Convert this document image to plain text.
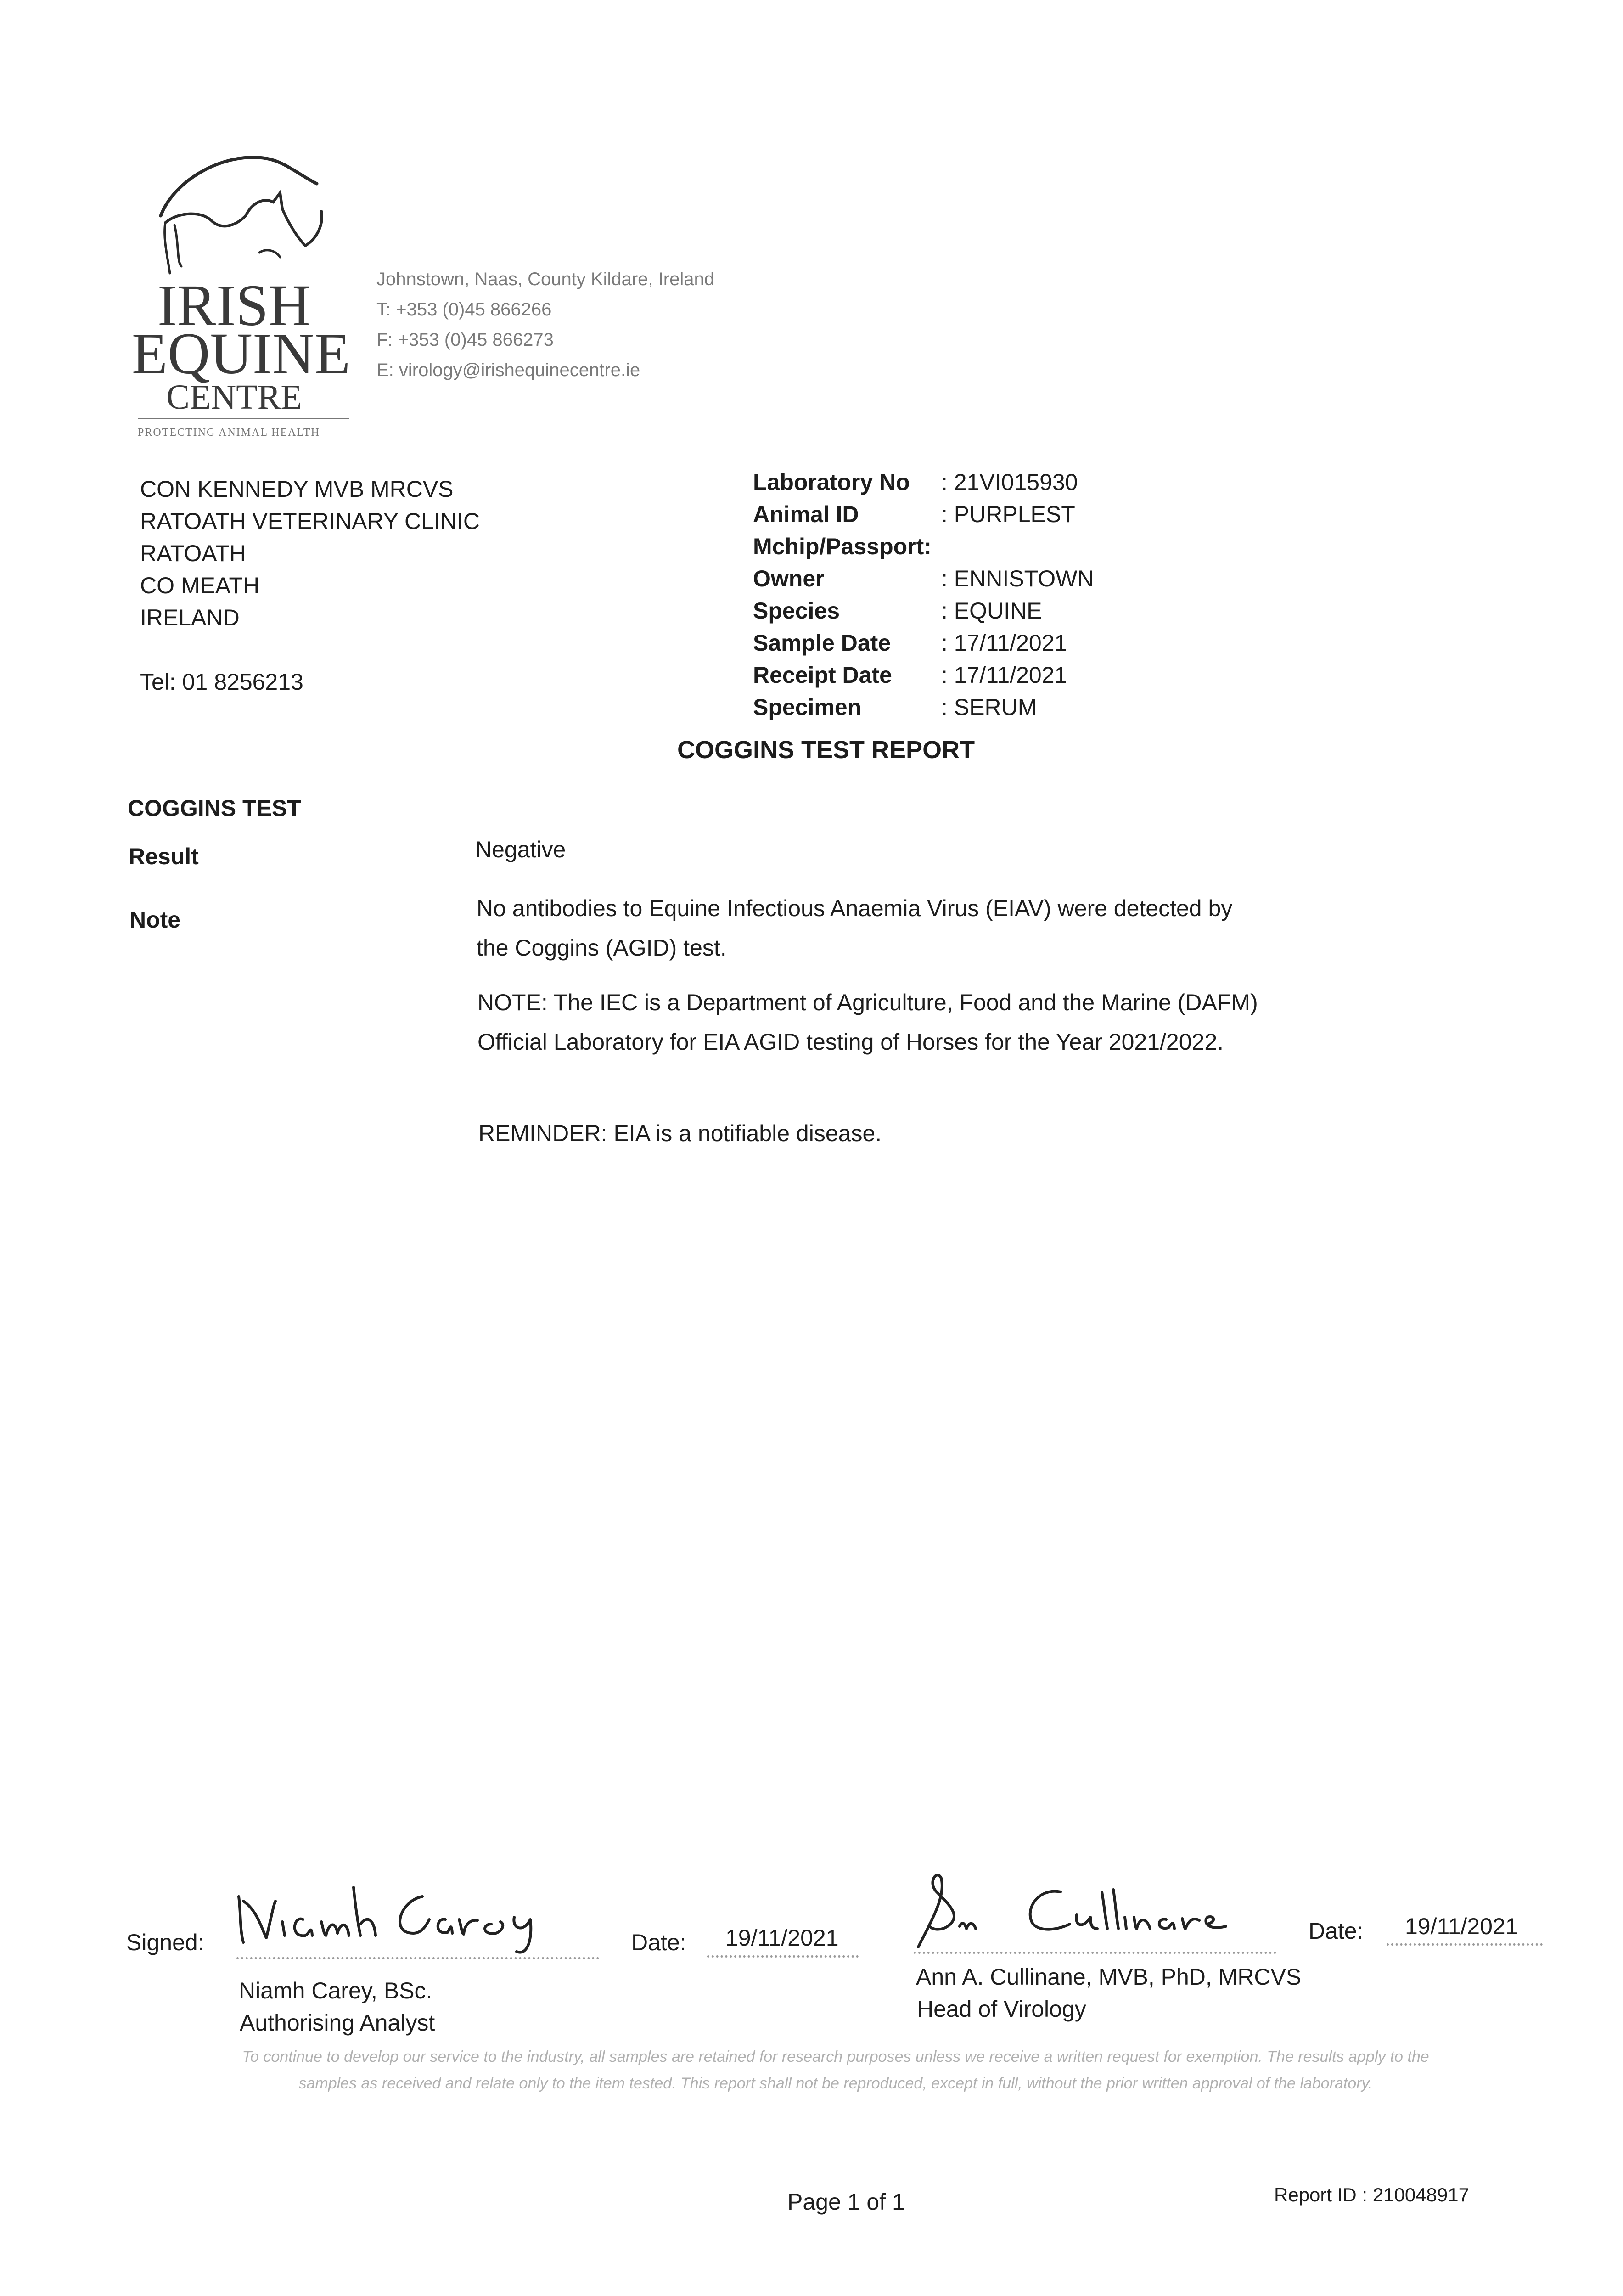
IRISH
EQUINE
CENTRE
PROTECTING ANIMAL HEALTH
Johnstown, Naas, County Kildare, Ireland
T: +353 (0)45 866266
F: +353 (0)45 866273
E: virology@irishequinecentre.ie
CON KENNEDY MVB MRCVS
RATOATH VETERINARY CLINIC
RATOATH
CO MEATH
IRELAND
Tel: 01 8256213
Laboratory No	: 21VI015930
Animal ID	: PURPLEST
Mchip/Passport:
Owner	: ENNISTOWN
Species	: EQUINE
Sample Date	: 17/11/2021
Receipt Date	: 17/11/2021
Specimen	: SERUM
COGGINS TEST REPORT
COGGINS TEST
Result	Negative
Note	No antibodies to Equine Infectious Anaemia Virus (EIAV) were detected by the Coggins (AGID) test.
NOTE: The IEC is a Department of Agriculture, Food and the Marine (DAFM) Official Laboratory for EIA AGID testing of Horses for the Year 2021/2022.
REMINDER: EIA is a notifiable disease.
Signed:
Niamh Carey, BSc.
Authorising Analyst
Date: 19/11/2021
Ann A. Cullinane, MVB, PhD, MRCVS
Head of Virology
Date: 19/11/2021
To continue to develop our service to the industry, all samples are retained for research purposes unless we receive a written request for exemption. The results apply to the samples as received and relate only to the item tested. This report shall not be reproduced, except in full, without the prior written approval of the laboratory.
Page 1 of 1	Report ID : 210048917
